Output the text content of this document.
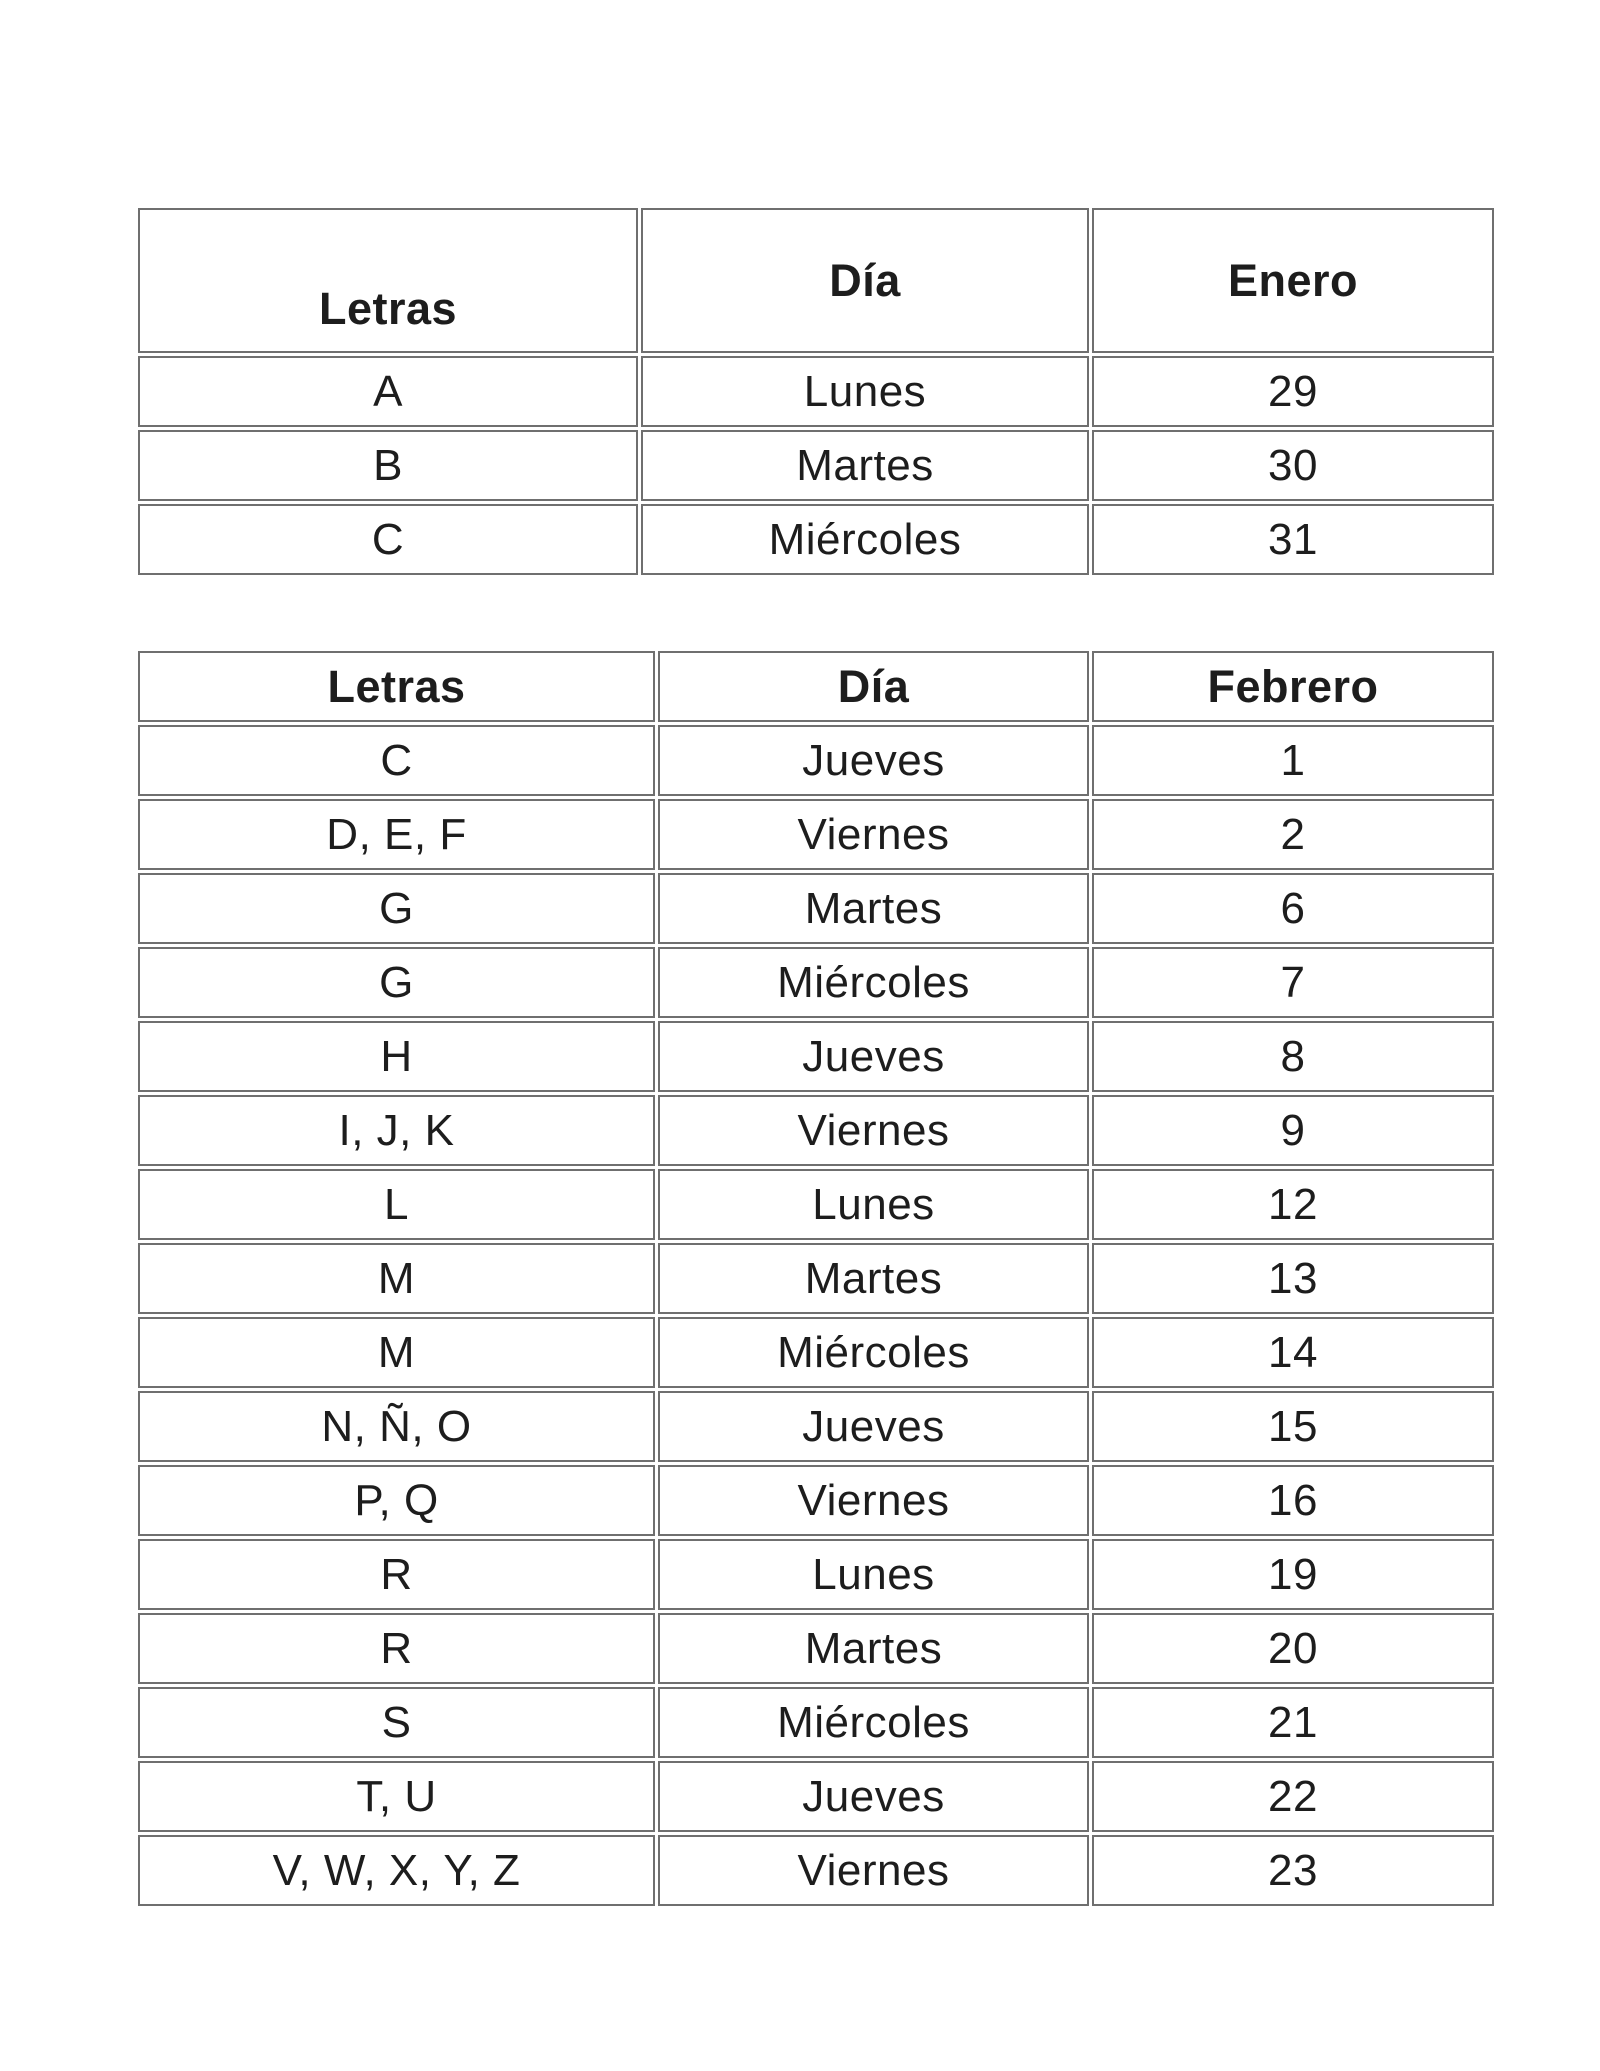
Letras	Día	Enero
A	Lunes	29
B	Martes	30
C	Miércoles	31
Letras	Día	Febrero
C	Jueves	1
D, E, F	Viernes	2
G	Martes	6
G	Miércoles	7
H	Jueves	8
I, J, K	Viernes	9
L	Lunes	12
M	Martes	13
M	Miércoles	14
N, Ñ, O	Jueves	15
P, Q	Viernes	16
R	Lunes	19
R	Martes	20
S	Miércoles	21
T, U	Jueves	22
V, W, X, Y, Z	Viernes	23
